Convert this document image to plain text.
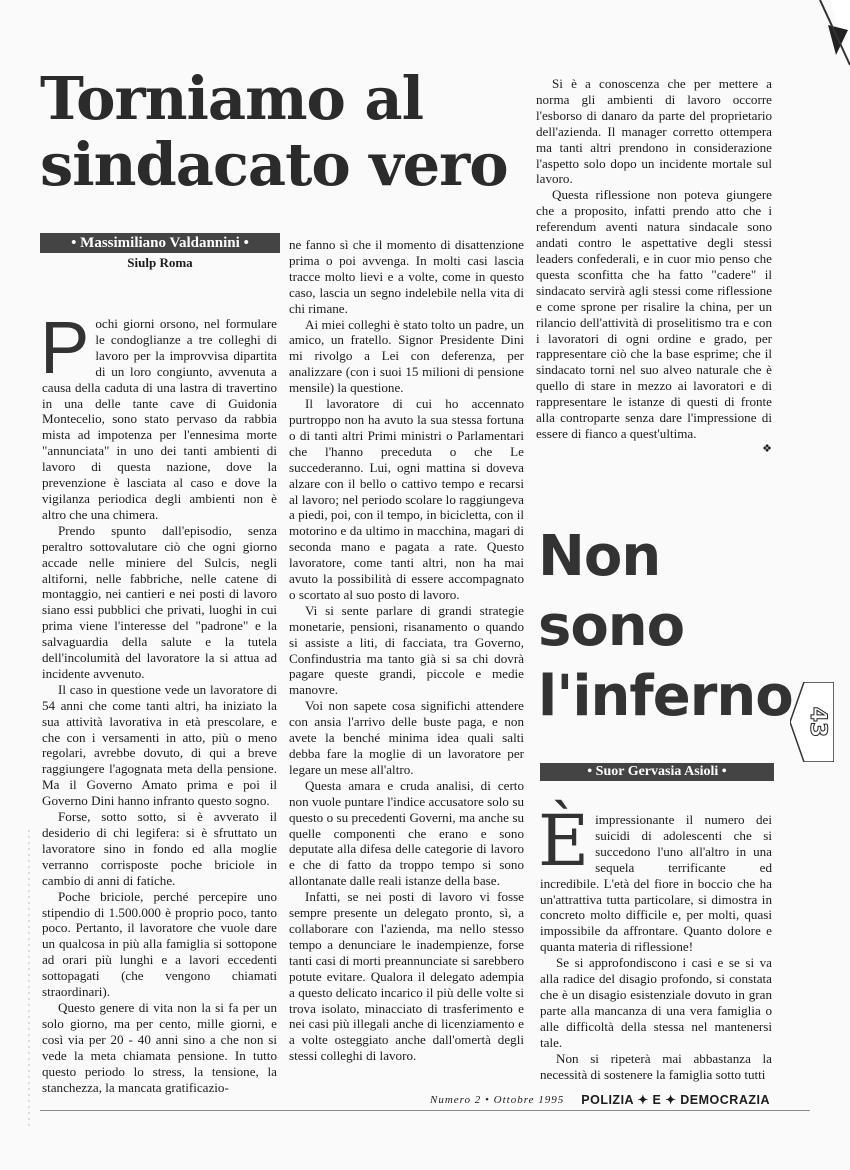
Torniamo al
sindacato vero
• Massimiliano Valdannini •
Siulp Roma
P ochi giorni orsono, nel formulare le condoglianze a tre colleghi di lavoro per la improvvisa dipartita di un loro congiunto, avvenuta a causa della caduta di una lastra di travertino in una delle tante cave di Guidonia Montecelio, sono stato pervaso da rabbia mista ad impotenza per l'ennesima morte "annunciata" in uno dei tanti ambienti di lavoro di questa nazione, dove la prevenzione è lasciata al caso e dove la vigilanza periodica degli ambienti non è altro che una chimera.

Prendo spunto dall'episodio, senza peraltro sottovalutare ciò che ogni giorno accade nelle miniere del Sulcis, negli altiforni, nelle fabbriche, nelle catene di montaggio, nei cantieri e nei posti di lavoro siano essi pubblici che privati, luoghi in cui prima viene l'interesse del "padrone" e la salvaguardia della salute e la tutela dell'incolumità del lavoratore la si attua ad incidente avvenuto.

Il caso in questione vede un lavoratore di 54 anni che come tanti altri, ha iniziato la sua attività lavorativa in età prescolare, e che con i versamenti in atto, più o meno regolari, avrebbe dovuto, di qui a breve raggiungere l'agognata meta della pensione. Ma il Governo Amato prima e poi il Governo Dini hanno infranto questo sogno.

Forse, sotto sotto, si è avverato il desiderio di chi legifera: si è sfruttato un lavoratore sino in fondo ed alla moglie verranno corrisposte poche briciole in cambio di anni di fatiche.

Poche briciole, perché percepire uno stipendio di 1.500.000 è proprio poco, tanto poco. Pertanto, il lavoratore che vuole dare un qualcosa in più alla famiglia si sottopone ad orari più lunghi e a lavori eccedenti sottopagati (che vengono chiamati straordinari).

Questo genere di vita non la si fa per un solo giorno, ma per cento, mille giorni, e così via per 20 - 40 anni sino a che non si vede la meta chiamata pensione. In tutto questo periodo lo stress, la tensione, la stanchezza, la mancata gratificazio-

ne fanno sì che il momento di disattenzione prima o poi avvenga. In molti casi lascia tracce molto lievi e a volte, come in questo caso, lascia un segno indelebile nella vita di chi rimane.

Ai miei colleghi è stato tolto un padre, un amico, un fratello. Signor Presidente Dini mi rivolgo a Lei con deferenza, per analizzare (con i suoi 15 milioni di pensione mensile) la questione.

Il lavoratore di cui ho accennato purtroppo non ha avuto la sua stessa fortuna o di tanti altri Primi ministri o Parlamentari che l'hanno preceduta o che Le succederanno. Lui, ogni mattina si doveva alzare con il bello o cattivo tempo e recarsi al lavoro; nel periodo scolare lo raggiungeva a piedi, poi, con il tempo, in bicicletta, con il motorino e da ultimo in macchina, magari di seconda mano e pagata a rate. Questo lavoratore, come tanti altri, non ha mai avuto la possibilità di essere accompagnato o scortato al suo posto di lavoro.

Vi si sente parlare di grandi strategie monetarie, pensioni, risanamento o quando si assiste a liti, di facciata, tra Governo, Confindustria ma tanto già si sa chi dovrà pagare queste grandi, piccole e medie manovre.

Voi non sapete cosa significhi attendere con ansia l'arrivo delle buste paga, e non avete la benché minima idea quali salti debba fare la moglie di un lavoratore per legare un mese all'altro.

Questa amara e cruda analisi, di certo non vuole puntare l'indice accusatore solo su questo o su precedenti Governi, ma anche su quelle componenti che erano e sono deputate alla difesa delle categorie di lavoro e che di fatto da troppo tempo si sono allontanate dalle reali istanze della base.

Infatti, se nei posti di lavoro vi fosse sempre presente un delegato pronto, sì, a collaborare con l'azienda, ma nello stesso tempo a denunciare le inadempienze, forse tanti casi di morti preannunciate si sarebbero potute evitare. Qualora il delegato adempia a questo delicato incarico il più delle volte si trova isolato, minacciato di trasferimento e nei casi più illegali anche di licenziamento e a volte osteggiato anche dall'omertà degli stessi colleghi di lavoro.

Si è a conoscenza che per mettere a norma gli ambienti di lavoro occorre l'esborso di danaro da parte del proprietario dell'azienda. Il manager corretto ottempera ma tanti altri prendono in considerazione l'aspetto solo dopo un incidente mortale sul lavoro.

Questa riflessione non poteva giungere che a proposito, infatti prendo atto che i referendum aventi natura sindacale sono andati contro le aspettative degli stessi leaders confederali, e in cuor mio penso che questa sconfitta che ha fatto "cadere" il sindacato servirà agli stessi come riflessione e come sprone per risalire la china, per un rilancio dell'attività di proselitismo tra e con i lavoratori di ogni ordine e grado, per rappresentare ciò che la base esprime; che il sindacato torni nel suo alveo naturale che è quello di stare in mezzo ai lavoratori e di rappresentare le istanze di questi di fronte alla controparte senza dare l'impressione di essere di fianco a quest'ultima.

❖
Non
sono
l'inferno 43
• Suor Gervasia Asioli •
È impressionante il numero dei suicidi di adolescenti che si succedono l'uno all'altro in una sequela terrificante ed incredibile. L'età del fiore in boccio che ha un'attrattiva tutta particolare, si dimostra in concreto molto difficile e, per molti, quasi impossibile da affrontare. Quanto dolore e quanta materia di riflessione!

Se si approfondiscono i casi e se si va alla radice del disagio profondo, si constata che è un disagio esistenziale dovuto in gran parte alla mancanza di una vera famiglia o alle difficoltà della stessa nel mantenersi tale.

Non si ripeterà mai abbastanza la necessità di sostenere la famiglia sotto tutti

Numero 2 • Ottobre 1995 POLIZIA ✦ E ✦ DEMOCRAZIA
